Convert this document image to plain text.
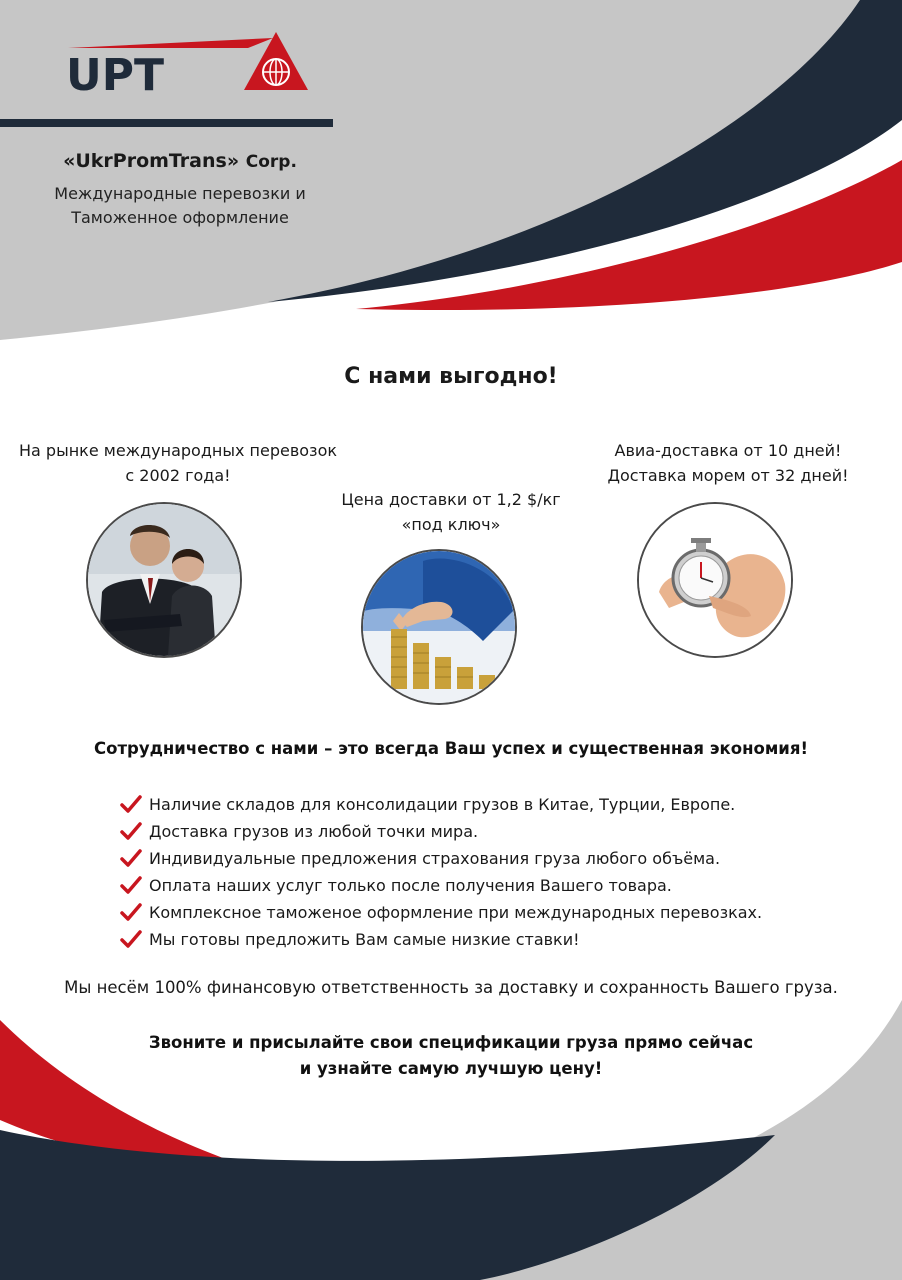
UPT
«UkrPromTrans» Corp.
Международные перевозки и
Таможенное оформление
С нами выгодно!
На рынке международных перевозок
с 2002 года!
Цена доставки от 1,2 $/кг
«под ключ»
Авиа-доставка от 10 дней!
Доставка морем от 32 дней!
Сотрудничество с нами – это всегда Ваш успех и существенная экономия!
Наличие складов для консолидации грузов в Китае, Турции, Европе.
Доставка грузов из любой точки мира.
Индивидуальные предложения страхования груза любого объёма.
Оплата наших услуг только после получения Вашего товара.
Комплексное таможеное оформление при международных перевозках.
Мы готовы предложить Вам самые низкие ставки!
Мы несём 100% финансовую ответственность за доставку и сохранность Вашего груза.
Звоните и присылайте свои спецификации груза прямо сейчас
и узнайте самую лучшую цену!
